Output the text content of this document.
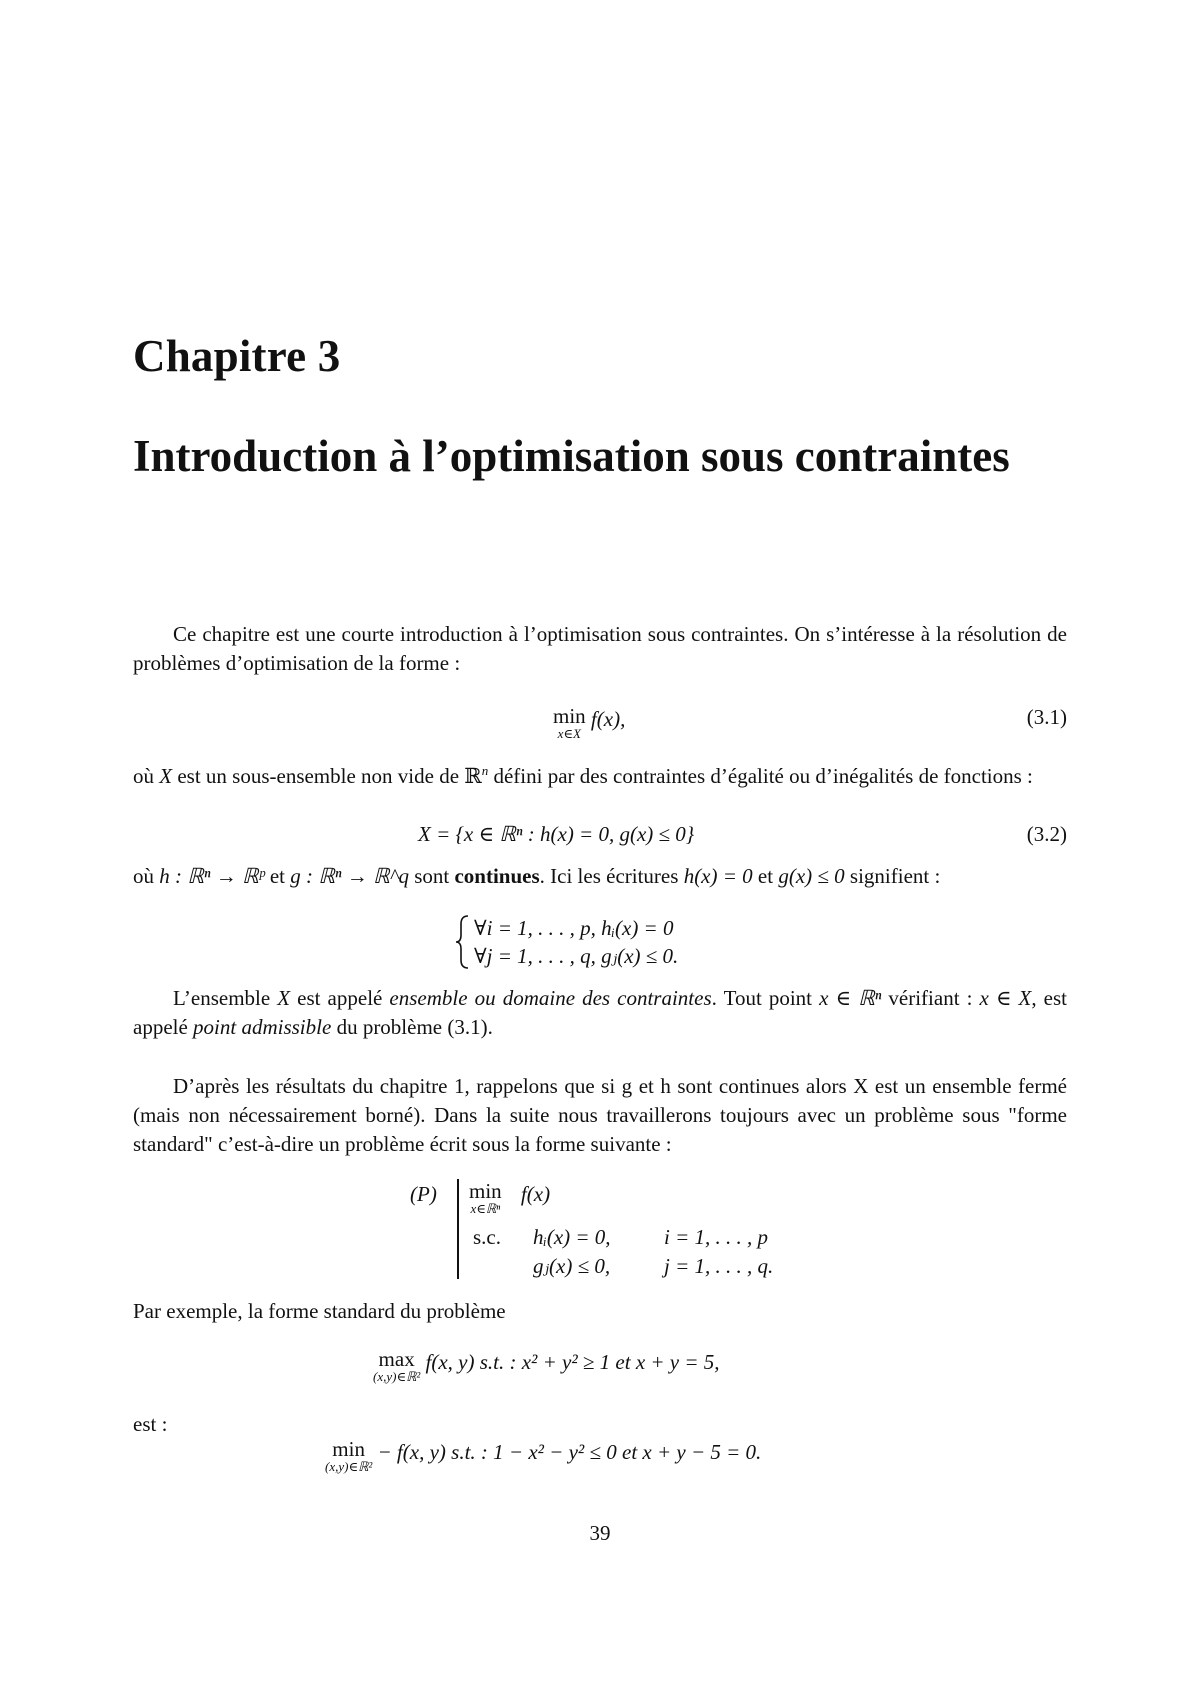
Chapitre 3
Introduction à l’optimisation sous contraintes
Ce chapitre est une courte introduction à l’optimisation sous contraintes. On s’intéresse à la résolution de problèmes d’optimisation de la forme :
min
x∈X
f(x),	(3.1)
où X est un sous-ensemble non vide de ℝ$^n$ défini par des contraintes d’égalité ou d’inégalités de fonctions :
X = {x ∈ ℝⁿ : h(x) = 0, g(x) ≤ 0}	(3.2)
où h : ℝⁿ → ℝᵖ et g : ℝⁿ → ℝ^q sont continues. Ici les écritures h(x) = 0 et g(x) ≤ 0 signifient :
∀i = 1, . . . , p, hᵢ(x) = 0
∀j = 1, . . . , q, gⱼ(x) ≤ 0.
L’ensemble X est appelé ensemble ou domaine des contraintes. Tout point x ∈ ℝⁿ vérifiant : x ∈ X, est appelé point admissible du problème (3.1).
D’après les résultats du chapitre 1, rappelons que si g et h sont continues alors X est un ensemble fermé (mais non nécessairement borné). Dans la suite nous travaillerons toujours avec un problème sous "forme standard" c’est-à-dire un problème écrit sous la forme suivante :
(P) min
x∈ℝⁿ
f(x)
s.c. hᵢ(x) = 0,	i = 1, . . . , p
gⱼ(x) ≤ 0,	j = 1, . . . , q.
Par exemple, la forme standard du problème
max
(x,y)∈ℝ²
f(x, y) s.t. : x² + y² ≥ 1 et x + y = 5,
est :
min
(x,y)∈ℝ²
− f(x, y) s.t. : 1 − x² − y² ≤ 0 et x + y − 5 = 0.
39
